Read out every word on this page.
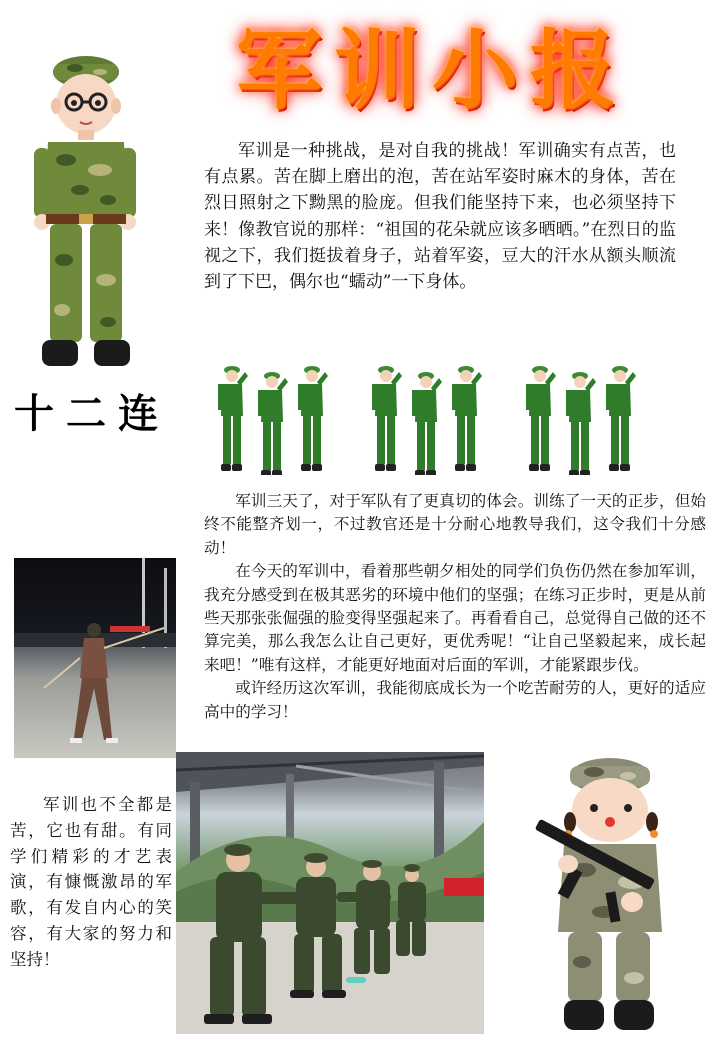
军训小报

军训是一种挑战，是对自我的挑战！军训确实有点苦，也有点累。苦在脚上磨出的泡，苦在站军姿时麻木的身体，苦在烈日照射之下黝黑的脸庞。但我们能坚持下来，也必须坚持下来！像教官说的那样：“祖国的花朵就应该多晒晒。”在烈日的监视之下，我们挺拔着身子，站着军姿，豆大的汗水从额头顺流到了下巴，偶尔也“蠕动”一下身体。

十二连

军训三天了，对于军队有了更真切的体会。训练了一天的正步，但始终不能整齐划一，不过教官还是十分耐心地教导我们，这令我们十分感动！

在今天的军训中，看着那些朝夕相处的同学们负伤仍然在参加军训，我充分感受到在极其恶劣的环境中他们的坚强；在练习正步时，更是从前些天那张张倔强的脸变得坚强起来了。再看看自己，总觉得自己做的还不算完美，那么我怎么让自己更好，更优秀呢！“让自己坚毅起来，成长起来吧！”唯有这样，才能更好地面对后面的军训，才能紧跟步伐。

或许经历这次军训，我能彻底成长为一个吃苦耐劳的人，更好的适应高中的学习！

军训也不全都是苦，它也有甜。有同学们精彩的才艺表演，有慷慨激昂的军歌，有发自内心的笑容，有大家的努力和坚持！
